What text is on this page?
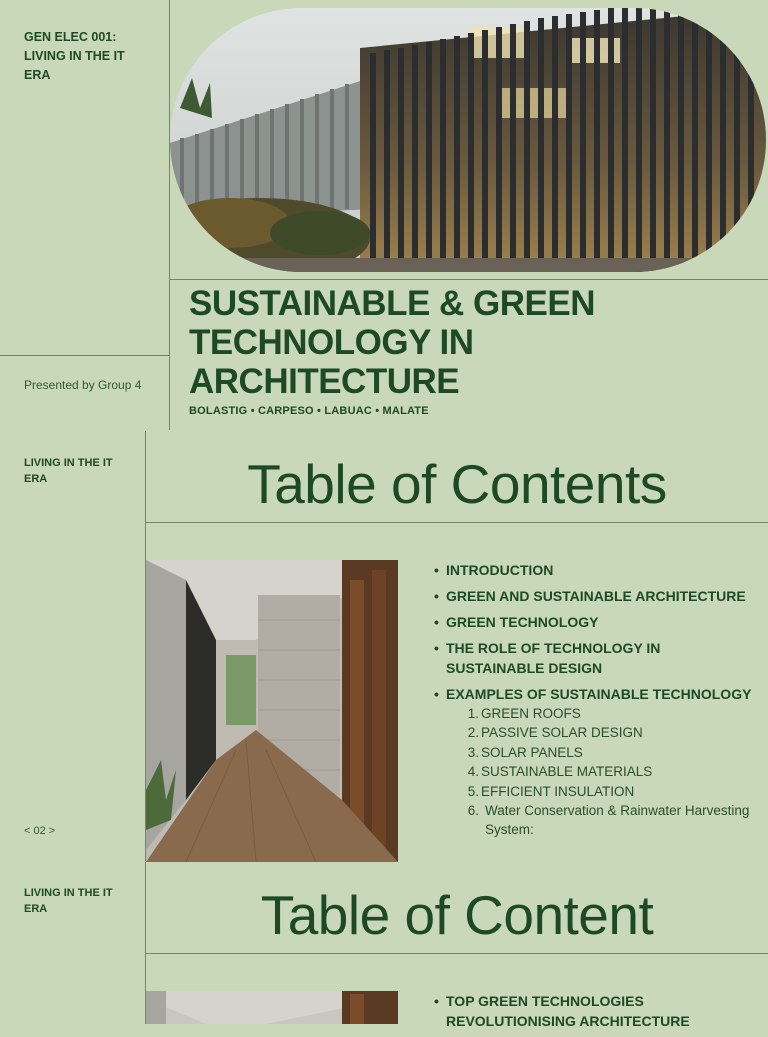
GEN ELEC 001: LIVING IN THE IT ERA
SUSTAINABLE & GREEN TECHNOLOGY IN ARCHITECTURE
Presented by Group 4
BOLASTIG • CARPESO • LABUAC • MALATE
LIVING IN THE IT ERA	Table of Contents
• INTRODUCTION
• GREEN AND SUSTAINABLE ARCHITECTURE
• GREEN TECHNOLOGY
• THE ROLE OF TECHNOLOGY IN SUSTAINABLE DESIGN
• EXAMPLES OF SUSTAINABLE TECHNOLOGY
1. GREEN ROOFS
2. PASSIVE SOLAR DESIGN
3. SOLAR PANELS
4. SUSTAINABLE MATERIALS
5. EFFICIENT INSULATION
6. Water Conservation & Rainwater Harvesting System:
< 02 >
LIVING IN THE IT ERA	Table of Content
• TOP GREEN TECHNOLOGIES REVOLUTIONISING ARCHITECTURE
